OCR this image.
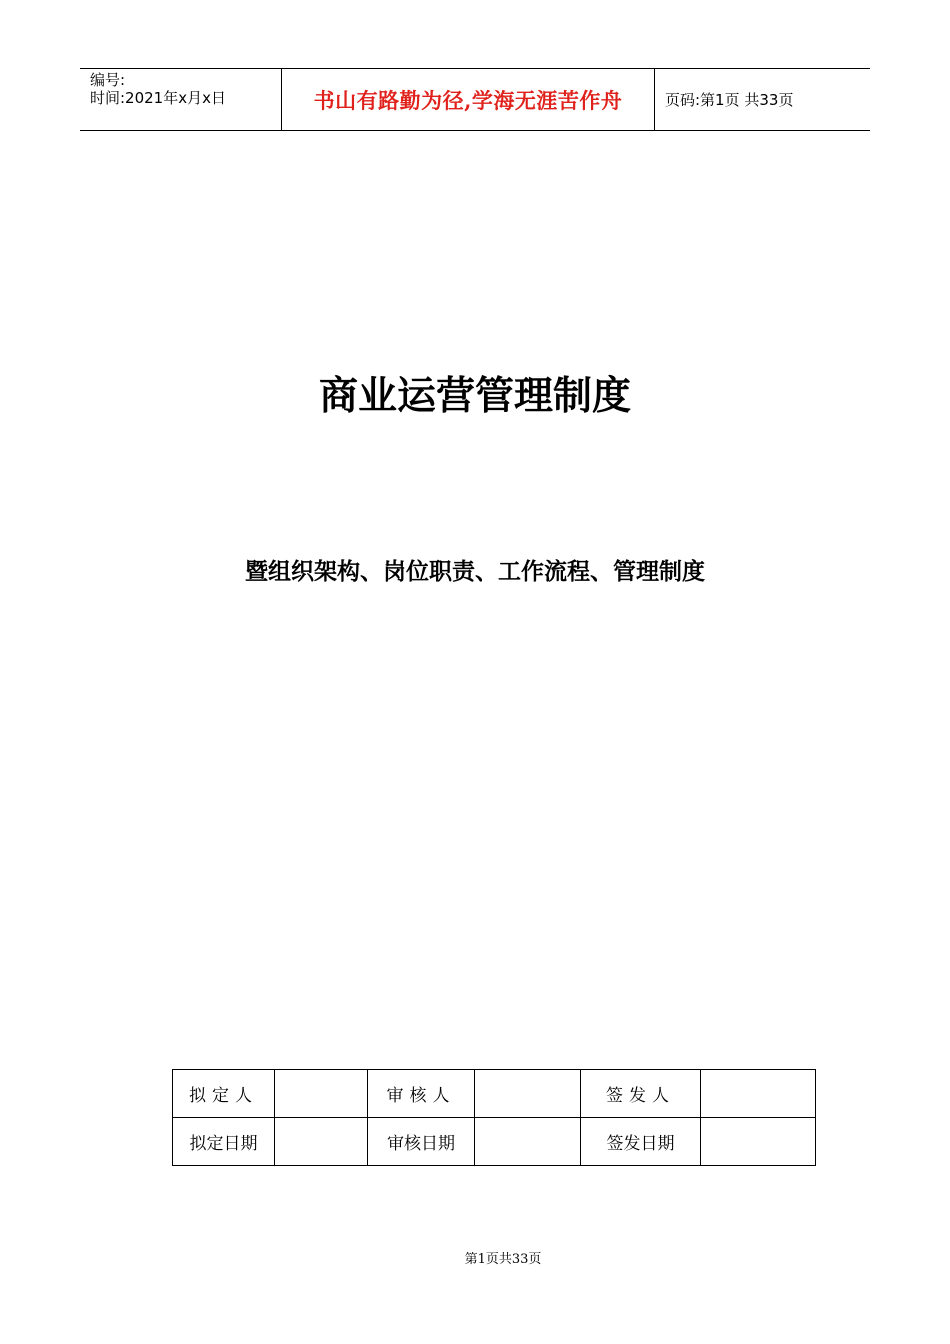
编号:
时间:2021年x月x日	书山有路勤为径,学海无涯苦作舟	页码:第1页 共33页
商业运营管理制度
暨组织架构、岗位职责、工作流程、管理制度
拟定人		审核人		签发人	
拟定日期		审核日期		签发日期	
第1页共33页
